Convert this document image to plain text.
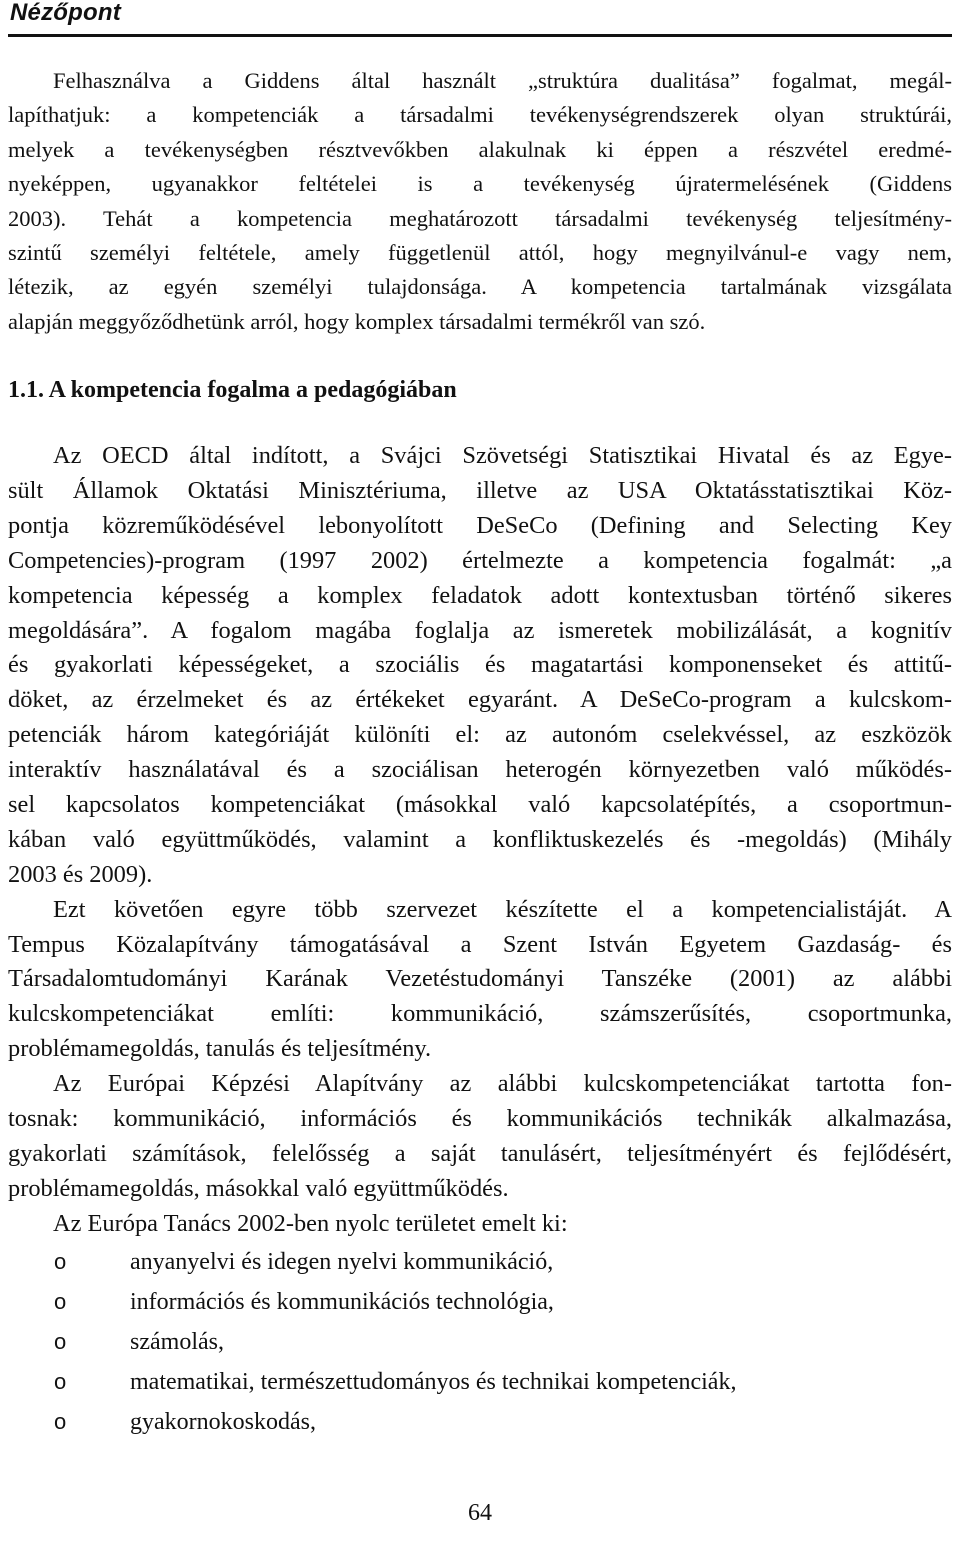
Nézőpont
Felhasználva a Giddens által használt „struktúra dualitása” fogalmat, megál-
lapíthatjuk: a kompetenciák a társadalmi tevékenységrendszerek olyan struktúrái,
melyek a tevékenységben résztvevőkben alakulnak ki éppen a részvétel eredmé-
nyeképpen, ugyanakkor feltételei is a tevékenység újratermelésének (Giddens
2003). Tehát a kompetencia meghatározott társadalmi tevékenység teljesítmény-
szintű személyi feltétele, amely függetlenül attól, hogy megnyilvánul-e vagy nem,
létezik, az egyén személyi tulajdonsága. A kompetencia tartalmának vizsgálata
alapján meggyőződhetünk arról, hogy komplex társadalmi termékről van szó.
1.1. A kompetencia fogalma a pedagógiában
Az OECD által indított, a Svájci Szövetségi Statisztikai Hivatal és az Egye-
sült Államok Oktatási Minisztériuma, illetve az USA Oktatásstatisztikai Köz-
pontja közreműködésével lebonyolított DeSeCo (Defining and Selecting Key
Competencies)-program (1997 2002) értelmezte a kompetencia fogalmát: „a
kompetencia képesség a komplex feladatok adott kontextusban történő sikeres
megoldására”. A fogalom magába foglalja az ismeretek mobilizálását, a kognitív
és gyakorlati képességeket, a szociális és magatartási komponenseket és attitű-
döket, az érzelmeket és az értékeket egyaránt. A DeSeCo-program a kulcskom-
petenciák három kategóriáját különíti el: az autonóm cselekvéssel, az eszközök
interaktív használatával és a szociálisan heterogén környezetben való működés-
sel kapcsolatos kompetenciákat (másokkal való kapcsolatépítés, a csoportmun-
kában való együttműködés, valamint a konfliktuskezelés és -megoldás) (Mihály
2003 és 2009).
Ezt követően egyre több szervezet készítette el a kompetencialistáját. A
Tempus Közalapítvány támogatásával a Szent István Egyetem Gazdaság- és
Társadalomtudományi Karának Vezetéstudományi Tanszéke (2001) az alábbi
kulcskompetenciákat említi: kommunikáció, számszerűsítés, csoportmunka,
problémamegoldás, tanulás és teljesítmény.
Az Európai Képzési Alapítvány az alábbi kulcskompetenciákat tartotta fon-
tosnak: kommunikáció, információs és kommunikációs technikák alkalmazása,
gyakorlati számítások, felelősség a saját tanulásért, teljesítményért és fejlődésért,
problémamegoldás, másokkal való együttműködés.
Az Európa Tanács 2002-ben nyolc területet emelt ki:
o	anyanyelvi és idegen nyelvi kommunikáció,
o	információs és kommunikációs technológia,
o	számolás,
o	matematikai, természettudományos és technikai kompetenciák,
o	gyakornokoskodás,
64
